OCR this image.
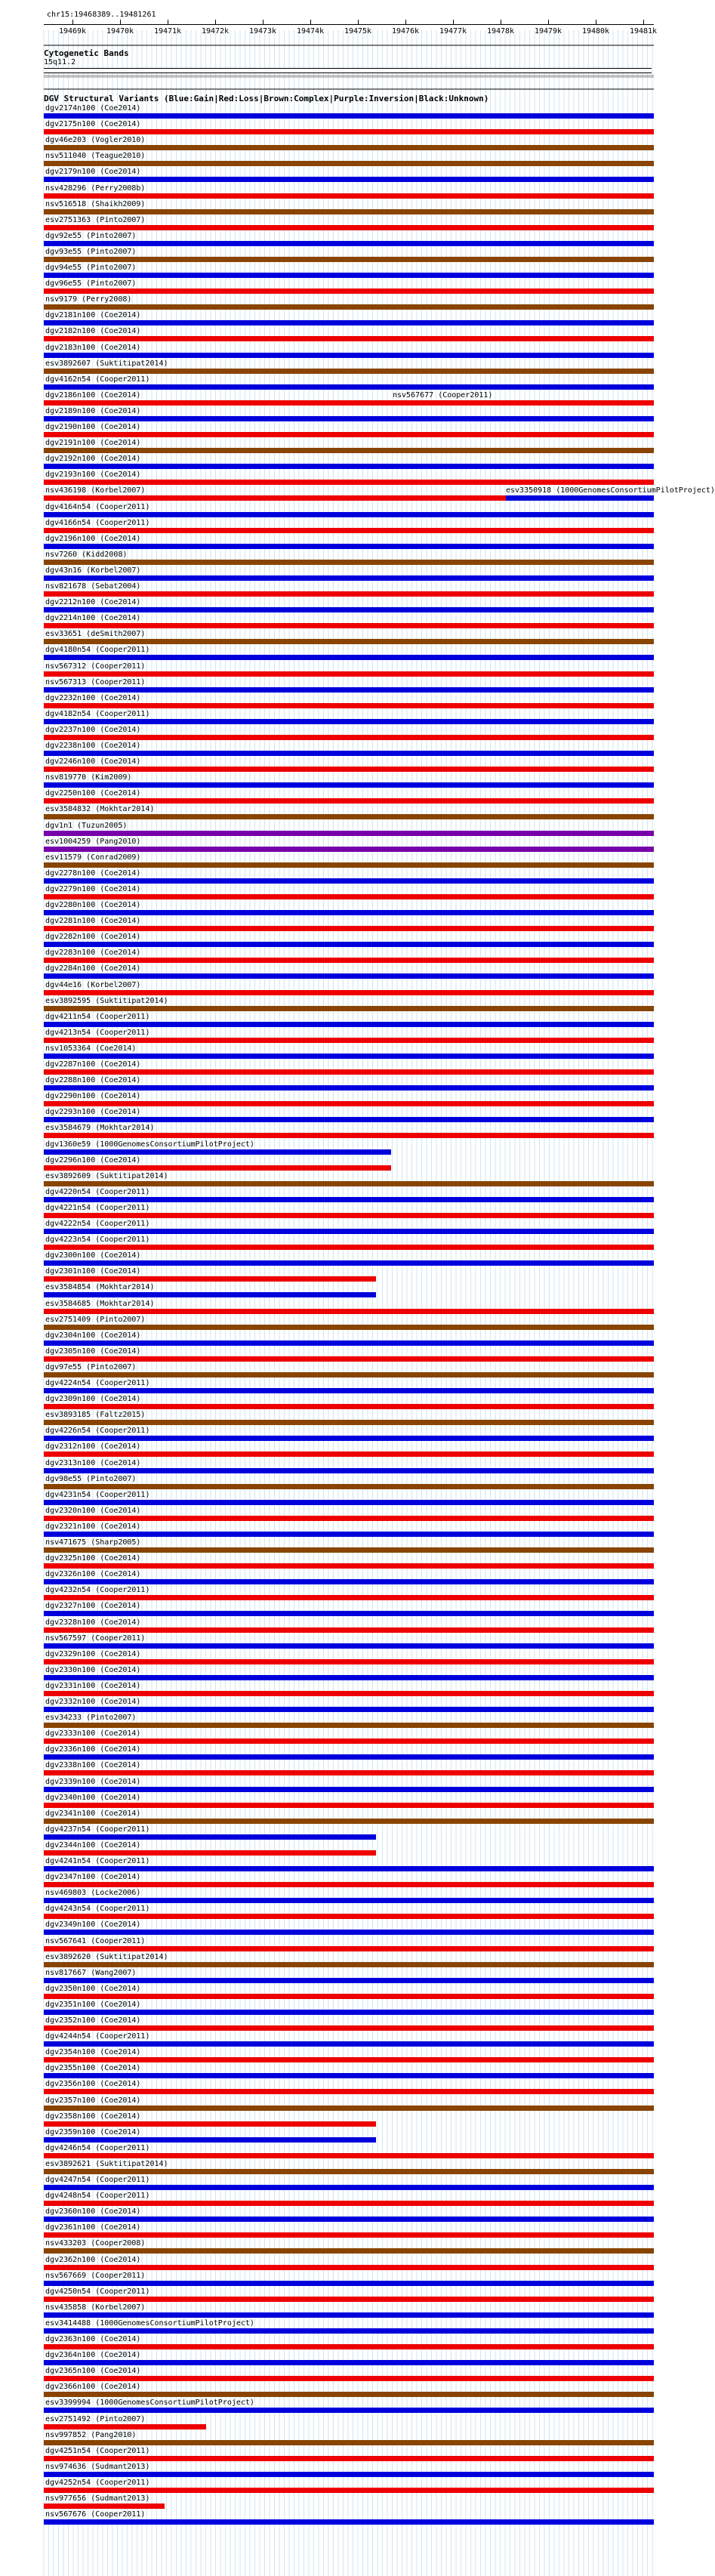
chr15:19468389..19481261
19469k	19470k	19471k	19472k	19473k	19474k	19475k	19476k	19477k	19478k	19479k	19480k	19481k
Cytogenetic Bands
15q11.2
DGV Structural Variants (Blue:Gain|Red:Loss|Brown:Complex|Purple:Inversion|Black:Unknown)
dgv2174n100 (Coe2014)
dgv2175n100 (Coe2014)
dgv46e203 (Vogler2010)
nsv511040 (Teague2010)
dgv2179n100 (Coe2014)
nsv428296 (Perry2008b)
nsv516518 (Shaikh2009)
esv2751363 (Pinto2007)
dgv92e55 (Pinto2007)
dgv93e55 (Pinto2007)
dgv94e55 (Pinto2007)
dgv96e55 (Pinto2007)
nsv9179 (Perry2008)
dgv2181n100 (Coe2014)
dgv2182n100 (Coe2014)
dgv2183n100 (Coe2014)
esv3892607 (Suktitipat2014)
dgv4162n54 (Cooper2011)
dgv2186n100 (Coe2014)
dgv2189n100 (Coe2014)
dgv2190n100 (Coe2014)
dgv2191n100 (Coe2014)
dgv2192n100 (Coe2014)
dgv2193n100 (Coe2014)
nsv436198 (Korbel2007)
dgv4164n54 (Cooper2011)
dgv4166n54 (Cooper2011)
dgv2196n100 (Coe2014)
nsv7260 (Kidd2008)
dgv43n16 (Korbel2007)
nsv821678 (Sebat2004)
dgv2212n100 (Coe2014)
dgv2214n100 (Coe2014)
esv33651 (deSmith2007)
dgv4180n54 (Cooper2011)
nsv567312 (Cooper2011)
nsv567313 (Cooper2011)
dgv2232n100 (Coe2014)
dgv4182n54 (Cooper2011)
dgv2237n100 (Coe2014)
dgv2238n100 (Coe2014)
dgv2246n100 (Coe2014)
nsv819770 (Kim2009)
dgv2250n100 (Coe2014)
esv3584832 (Mokhtar2014)
dgv1n1 (Tuzun2005)
esv1004259 (Pang2010)
esv11579 (Conrad2009)
dgv2278n100 (Coe2014)
dgv2279n100 (Coe2014)
dgv2280n100 (Coe2014)
dgv2281n100 (Coe2014)
dgv2282n100 (Coe2014)
dgv2283n100 (Coe2014)
dgv2284n100 (Coe2014)
dgv44e16 (Korbel2007)
esv3892595 (Suktitipat2014)
dgv4211n54 (Cooper2011)
dgv4213n54 (Cooper2011)
nsv1053364 (Coe2014)
dgv2287n100 (Coe2014)
dgv2288n100 (Coe2014)
dgv2290n100 (Coe2014)
dgv2293n100 (Coe2014)
esv3584679 (Mokhtar2014)
dgv1360e59 (1000GenomesConsortiumPilotProject)
dgv2296n100 (Coe2014)
esv3892609 (Suktitipat2014)
dgv4220n54 (Cooper2011)
dgv4221n54 (Cooper2011)
dgv4222n54 (Cooper2011)
dgv4223n54 (Cooper2011)
dgv2300n100 (Coe2014)
dgv2301n100 (Coe2014)
esv3584854 (Mokhtar2014)
esv3584685 (Mokhtar2014)
esv2751409 (Pinto2007)
dgv2304n100 (Coe2014)
dgv2305n100 (Coe2014)
dgv97e55 (Pinto2007)
dgv4224n54 (Cooper2011)
dgv2309n100 (Coe2014)
esv3893185 (Faltz2015)
dgv4226n54 (Cooper2011)
dgv2312n100 (Coe2014)
dgv2313n100 (Coe2014)
dgv98e55 (Pinto2007)
dgv4231n54 (Cooper2011)
dgv2320n100 (Coe2014)
dgv2321n100 (Coe2014)
nsv471675 (Sharp2005)
dgv2325n100 (Coe2014)
dgv2326n100 (Coe2014)
dgv4232n54 (Cooper2011)
dgv2327n100 (Coe2014)
dgv2328n100 (Coe2014)
nsv567597 (Cooper2011)
dgv2329n100 (Coe2014)
dgv2330n100 (Coe2014)
dgv2331n100 (Coe2014)
dgv2332n100 (Coe2014)
esv34233 (Pinto2007)
dgv2333n100 (Coe2014)
dgv2336n100 (Coe2014)
dgv2338n100 (Coe2014)
dgv2339n100 (Coe2014)
dgv2340n100 (Coe2014)
dgv2341n100 (Coe2014)
dgv4237n54 (Cooper2011)
dgv2344n100 (Coe2014)
dgv4241n54 (Cooper2011)
dgv2347n100 (Coe2014)
nsv469803 (Locke2006)
dgv4243n54 (Cooper2011)
dgv2349n100 (Coe2014)
nsv567641 (Cooper2011)
esv3892620 (Suktitipat2014)
nsv817667 (Wang2007)
dgv2350n100 (Coe2014)
dgv2351n100 (Coe2014)
dgv2352n100 (Coe2014)
dgv4244n54 (Cooper2011)
dgv2354n100 (Coe2014)
dgv2355n100 (Coe2014)
dgv2356n100 (Coe2014)
dgv2357n100 (Coe2014)
dgv2358n100 (Coe2014)
dgv2359n100 (Coe2014)
dgv4246n54 (Cooper2011)
esv3892621 (Suktitipat2014)
dgv4247n54 (Cooper2011)
dgv4248n54 (Cooper2011)
dgv2360n100 (Coe2014)
dgv2361n100 (Coe2014)
nsv433203 (Cooper2008)
dgv2362n100 (Coe2014)
nsv567669 (Cooper2011)
dgv4250n54 (Cooper2011)
nsv435858 (Korbel2007)
esv3414488 (1000GenomesConsortiumPilotProject)
dgv2363n100 (Coe2014)
dgv2364n100 (Coe2014)
dgv2365n100 (Coe2014)
dgv2366n100 (Coe2014)
esv3399994 (1000GenomesConsortiumPilotProject)
esv2751492 (Pinto2007)
nsv997852 (Pang2010)
dgv4251n54 (Cooper2011)
nsv974636 (Sudmant2013)
dgv4252n54 (Cooper2011)
nsv977656 (Sudmant2013)
nsv567676 (Cooper2011)
nsv567677 (Cooper2011)
esv3350918 (1000GenomesConsortiumPilotProject)
